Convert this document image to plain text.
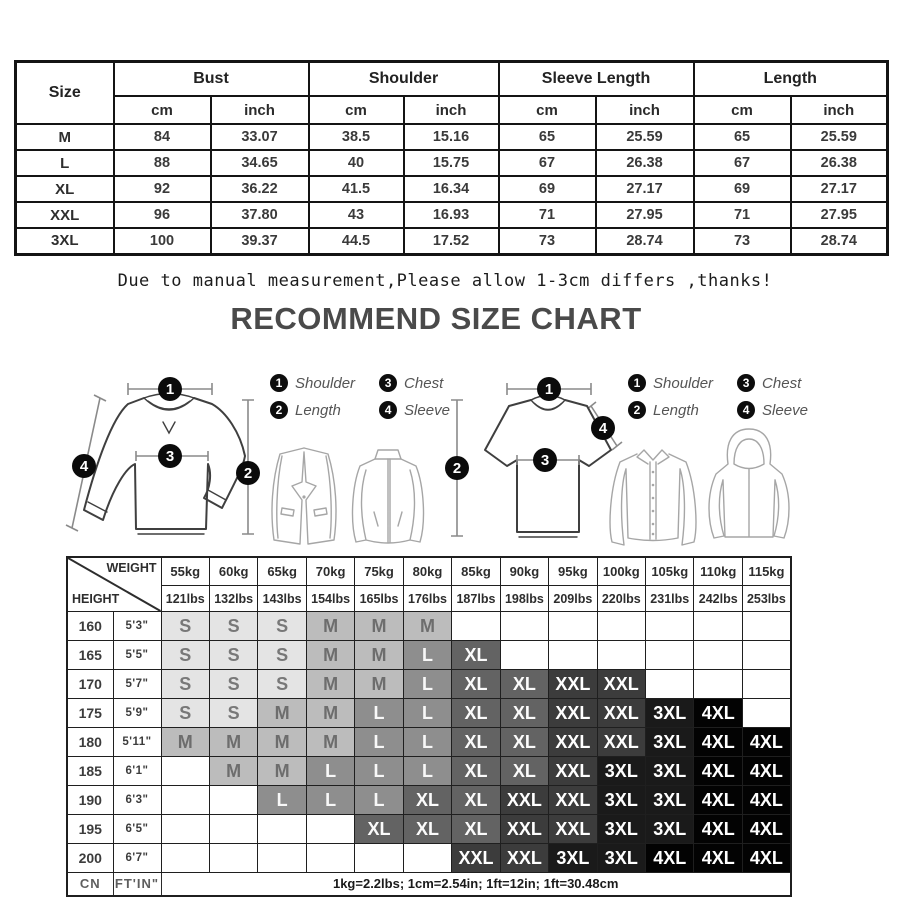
Size	Bust		Shoulder		Sleeve Length		Length	
	cm	inch	cm	inch	cm	inch	cm	inch
M	84	33.07	38.5	15.16	65	25.59	65	25.59
L	88	34.65	40	15.75	67	26.38	67	26.38
XL	92	36.22	41.5	16.34	69	27.17	69	27.17
XXL	96	37.80	43	16.93	71	27.95	71	27.95
3XL	100	39.37	44.5	17.52	73	28.74	73	28.74
Due to manual measurement,Please allow 1-3cm differs ,thanks!
RECOMMEND SIZE CHART
1
2
3
4
1
2	3
4
1 Shoulder	3 Chest
2 Length	4 Sleeve
1 Shoulder	3 Chest
2 Length	4 Sleeve
WEIGHT
HEIGHT		55kg	60kg	65kg	70kg	75kg	80kg	85kg	90kg	95kg	100kg	105kg	110kg	115kg
		121lbs	132lbs	143lbs	154lbs	165lbs	176lbs	187lbs	198lbs	209lbs	220lbs	231lbs	242lbs	253lbs
160	5'3"	S	S	S	M	M	M							
165	5'5"	S	S	S	M	M	L	XL						
170	5'7"	S	S	S	M	M	L	XL	XL	XXL	XXL			
175	5'9"	S	S	M	M	L	L	XL	XL	XXL	XXL	3XL	4XL	
180	5'11"	M	M	M	M	L	L	XL	XL	XXL	XXL	3XL	4XL	4XL
185	6'1"		M	M	L	L	L	XL	XL	XXL	3XL	3XL	4XL	4XL
190	6'3"			L	L	L	XL	XL	XXL	XXL	3XL	3XL	4XL	4XL
195	6'5"					XL	XL	XL	XXL	XXL	3XL	3XL	4XL	4XL
200	6'7"							XXL	XXL	3XL	3XL	4XL	4XL	4XL
CN	FT'IN"	1kg=2.2lbs; 1cm=2.54in; 1ft=12in; 1ft=30.48cm												
